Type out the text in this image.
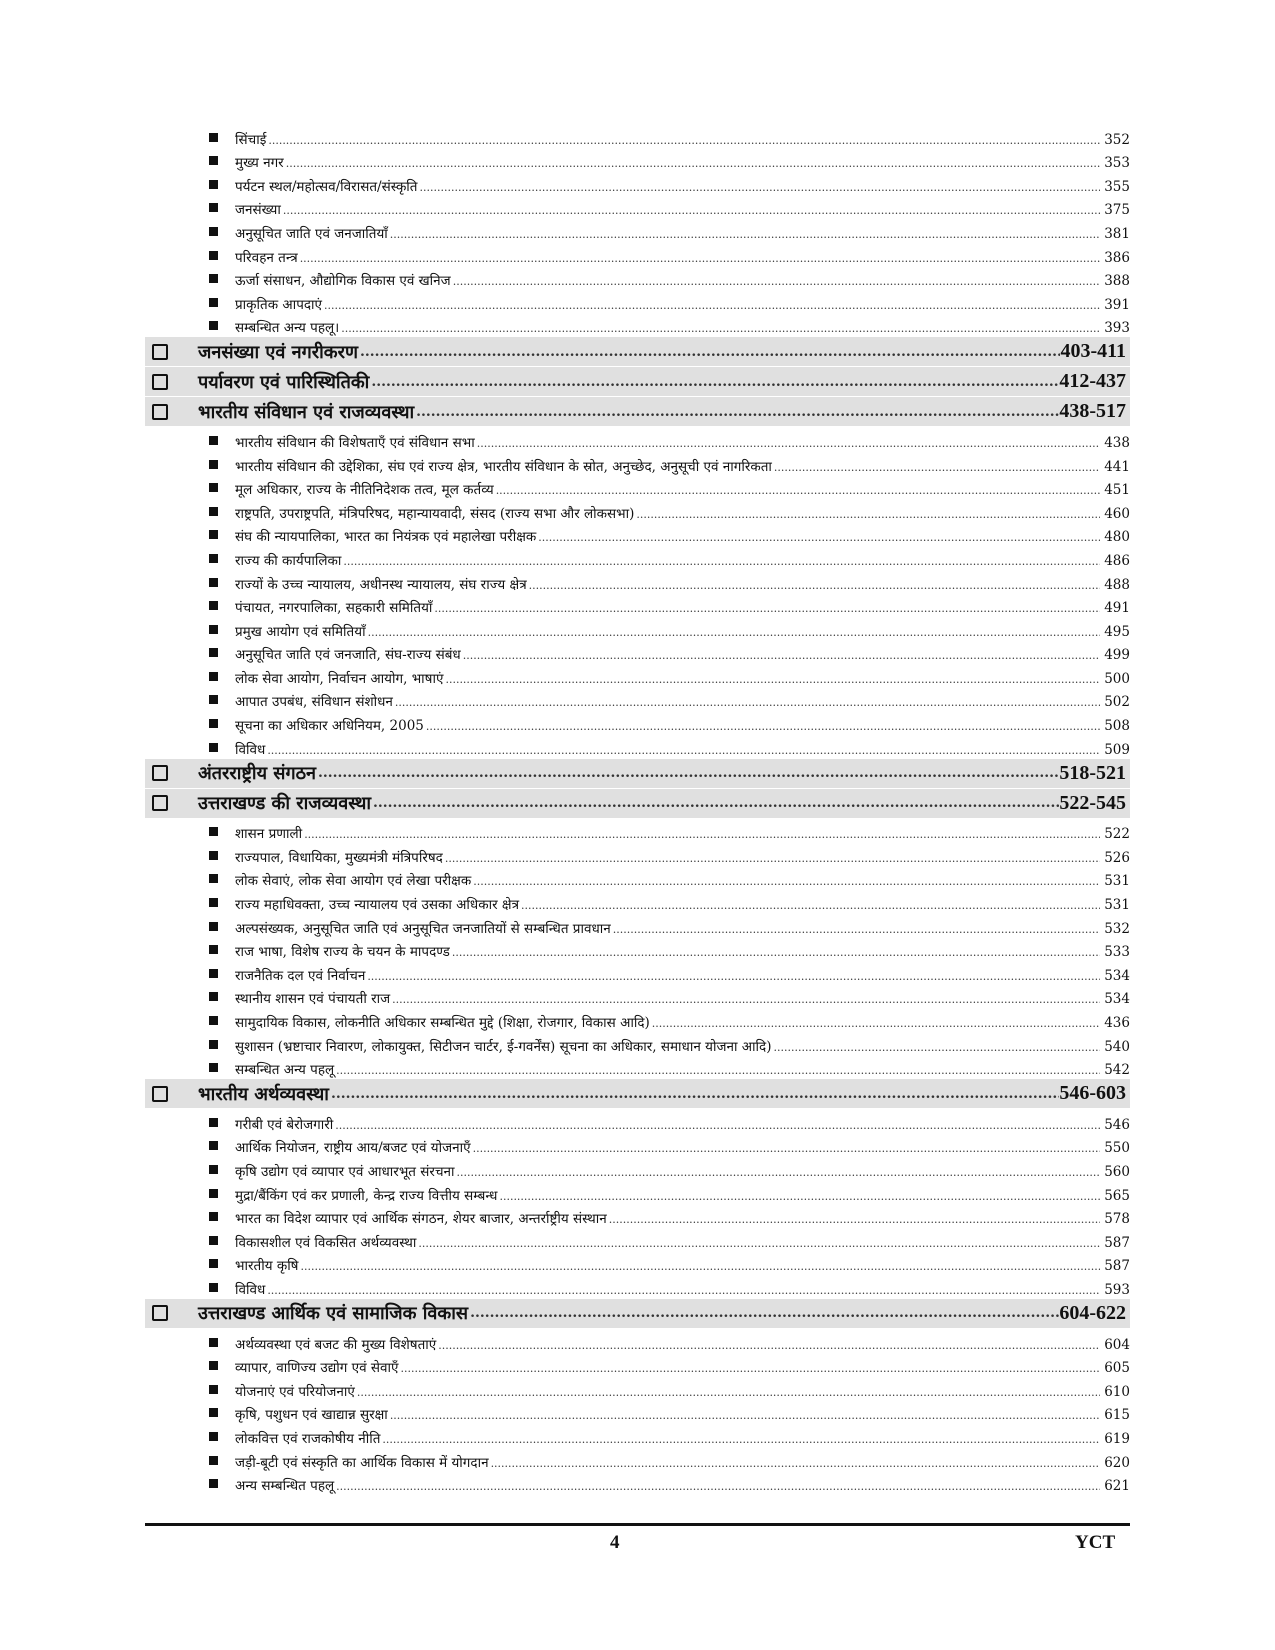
सिंचाई .....	352
मुख्य नगर .....	353
पर्यटन स्थल/महोत्सव/विरासत/संस्कृति .....	355
जनसंख्या .....	375
अनुसूचित जाति एवं जनजातियाँ .....	381
परिवहन तन्त्र .....	386
ऊर्जा संसाधन, औद्योगिक विकास एवं खनिज .....	388
प्राकृतिक आपदाएं .....	391
सम्बन्धित अन्य पहलू। .....	393
जनसंख्या एवं नगरीकरण .....	403-411
पर्यावरण एवं पारिस्थितिकी .....	412-437
भारतीय संविधान एवं राजव्यवस्था .....	438-517
भारतीय संविधान की विशेषताएँ एवं संविधान सभा .....	438
भारतीय संविधान की उद्देशिका, संघ एवं राज्य क्षेत्र, भारतीय संविधान के स्रोत, अनुच्छेद, अनुसूची एवं नागरिकता .....	441
मूल अधिकार, राज्य के नीतिनिदेशक तत्व, मूल कर्तव्य .....	451
राष्ट्रपति, उपराष्ट्रपति, मंत्रिपरिषद, महान्यायवादी, संसद (राज्य सभा और लोकसभा) .....	460
संघ की न्यायपालिका, भारत का नियंत्रक एवं महालेखा परीक्षक .....	480
राज्य की कार्यपालिका .....	486
राज्यों के उच्च न्यायालय, अधीनस्थ न्यायालय, संघ राज्य क्षेत्र .....	488
पंचायत, नगरपालिका, सहकारी समितियाँ .....	491
प्रमुख आयोग एवं समितियाँ .....	495
अनुसूचित जाति एवं जनजाति, संघ-राज्य संबंध .....	499
लोक सेवा आयोग, निर्वाचन आयोग, भाषाएं .....	500
आपात उपबंध, संविधान संशोधन .....	502
सूचना का अधिकार अधिनियम, 2005 .....	508
विविध .....	509
अंतरराष्ट्रीय संगठन .....	518-521
उत्तराखण्ड की राजव्यवस्था .....	522-545
शासन प्रणाली .....	522
राज्यपाल, विधायिका, मुख्यमंत्री मंत्रिपरिषद .....	526
लोक सेवाएं, लोक सेवा आयोग एवं लेखा परीक्षक .....	531
राज्य महाधिवक्ता, उच्च न्यायालय एवं उसका अधिकार क्षेत्र .....	531
अल्पसंख्यक, अनुसूचित जाति एवं अनुसूचित जनजातियों से सम्बन्धित प्रावधान .....	532
राज भाषा, विशेष राज्य के चयन के मापदण्ड .....	533
राजनैतिक दल एवं निर्वाचन .....	534
स्थानीय शासन एवं पंचायती राज .....	534
सामुदायिक विकास, लोकनीति अधिकार सम्बन्धित मुद्दे (शिक्षा, रोजगार, विकास आदि) .....	436
सुशासन (भ्रष्टाचार निवारण, लोकायुक्त, सिटीजन चार्टर, ई-गवर्नेंस) सूचना का अधिकार, समाधान योजना आदि) .....	540
सम्बन्धित अन्य पहलू .....	542
भारतीय अर्थव्यवस्था .....	546-603
गरीबी एवं बेरोजगारी .....	546
आर्थिक नियोजन, राष्ट्रीय आय/बजट एवं योजनाएँ .....	550
कृषि उद्योग एवं व्यापार एवं आधारभूत संरचना .....	560
मुद्रा/बैंकिंग एवं कर प्रणाली, केन्द्र राज्य वित्तीय सम्बन्ध .....	565
भारत का विदेश व्यापार एवं आर्थिक संगठन, शेयर बाजार, अन्तर्राष्ट्रीय संस्थान .....	578
विकासशील एवं विकसित अर्थव्यवस्था .....	587
भारतीय कृषि .....	587
विविध .....	593
उत्तराखण्ड आर्थिक एवं सामाजिक विकास .....	604-622
अर्थव्यवस्था एवं बजट की मुख्य विशेषताएं .....	604
व्यापार, वाणिज्य उद्योग एवं सेवाएँ .....	605
योजनाएं एवं परियोजनाएं .....	610
कृषि, पशुधन एवं खाद्यान्न सुरक्षा .....	615
लोकवित्त एवं राजकोषीय नीति .....	619
जड़ी-बूटी एवं संस्कृति का आर्थिक विकास में योगदान .....	620
अन्य सम्बन्धित पहलू .....	621
4	YCT
